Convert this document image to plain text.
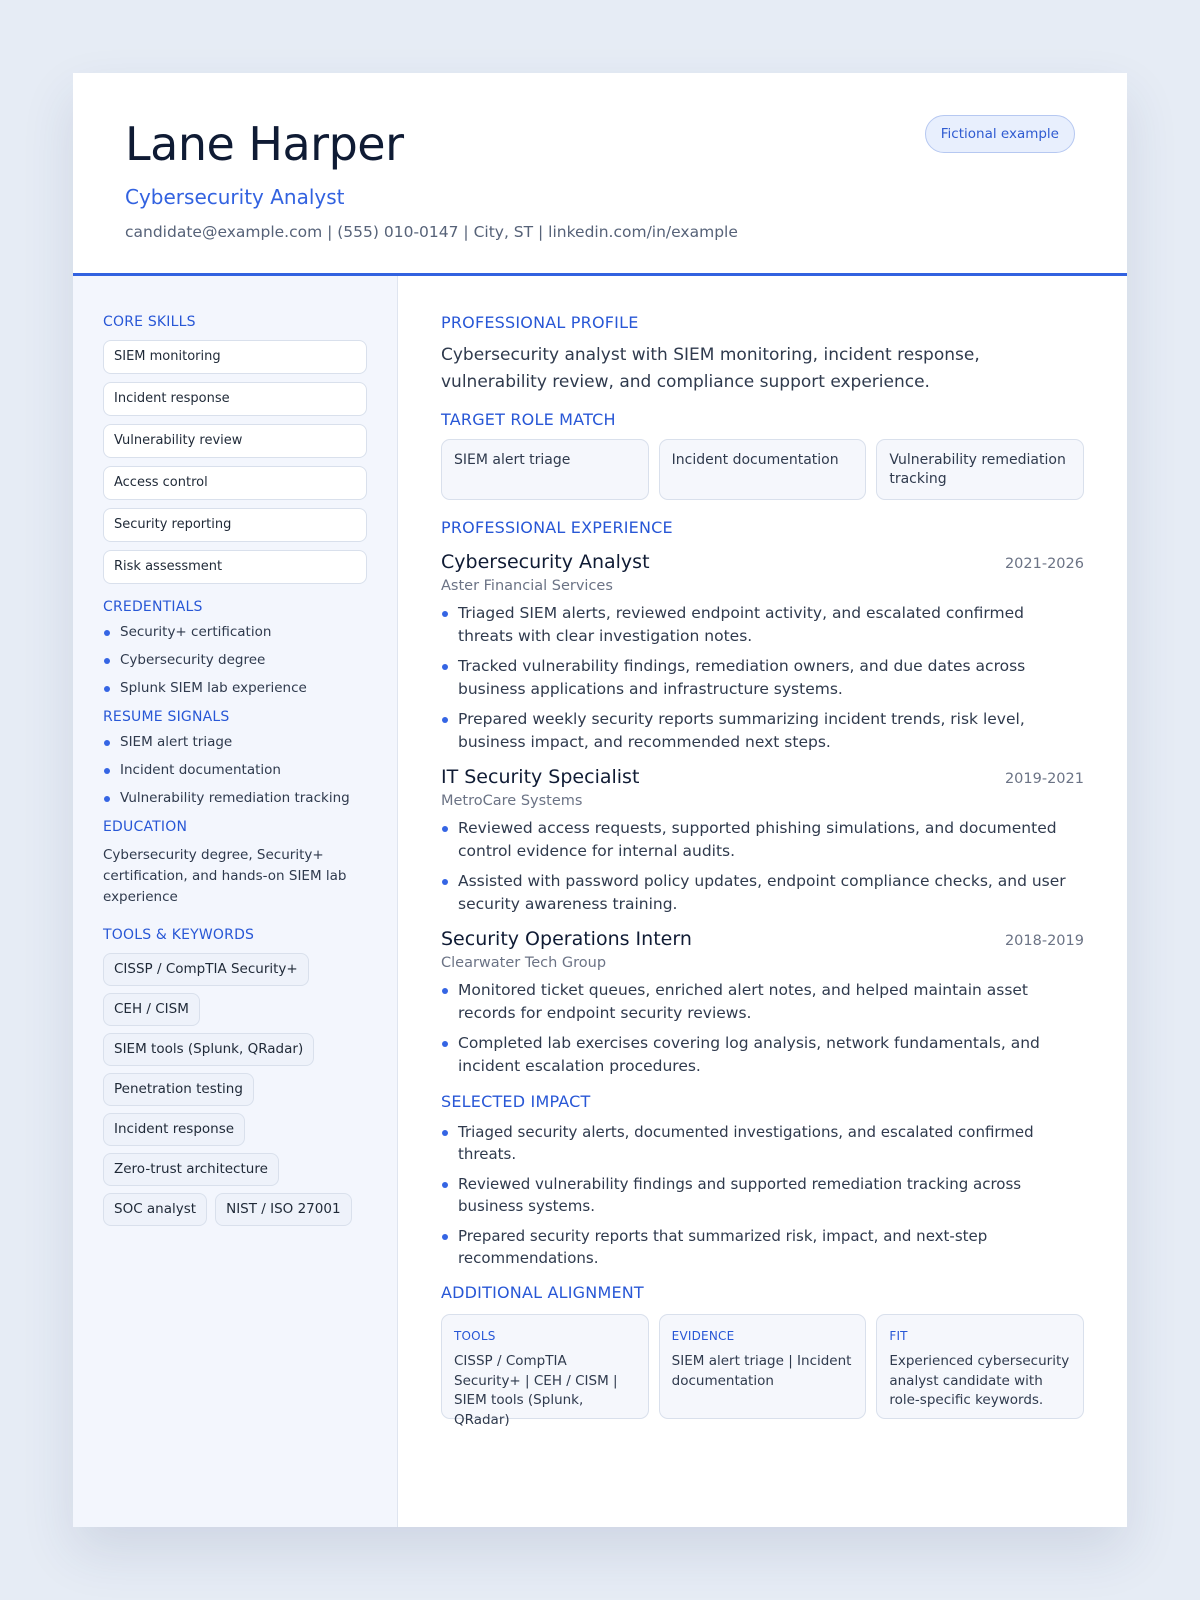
Lane Harper
Cybersecurity Analyst
candidate@example.com | (555) 010-0147 | City, ST | linkedin.com/in/example
Fictional example
CORE SKILLS
SIEM monitoring
Incident response
Vulnerability review
Access control
Security reporting
Risk assessment
CREDENTIALS
Security+ certification
Cybersecurity degree
Splunk SIEM lab experience
RESUME SIGNALS
SIEM alert triage
Incident documentation
Vulnerability remediation tracking
EDUCATION
Cybersecurity degree, Security+ certification, and hands-on SIEM lab experience
TOOLS & KEYWORDS
CISSP / CompTIA Security+
CEH / CISM
SIEM tools (Splunk, QRadar)
Penetration testing
Incident response
Zero-trust architecture
SOC analyst	NIST / ISO 27001
PROFESSIONAL PROFILE

Cybersecurity analyst with SIEM monitoring, incident response, vulnerability review, and compliance support experience.

TARGET ROLE MATCH
SIEM alert triage	Incident documentation	Vulnerability remediation tracking
PROFESSIONAL EXPERIENCE
Cybersecurity Analyst	2021-2026
Aster Financial Services
Triaged SIEM alerts, reviewed endpoint activity, and escalated confirmed threats with clear investigation notes.
Tracked vulnerability findings, remediation owners, and due dates across business applications and infrastructure systems.
Prepared weekly security reports summarizing incident trends, risk level, business impact, and recommended next steps.
IT Security Specialist	2019-2021
MetroCare Systems
Reviewed access requests, supported phishing simulations, and documented control evidence for internal audits.
Assisted with password policy updates, endpoint compliance checks, and user security awareness training.
Security Operations Intern	2018-2019
Clearwater Tech Group
Monitored ticket queues, enriched alert notes, and helped maintain asset records for endpoint security reviews.
Completed lab exercises covering log analysis, network fundamentals, and incident escalation procedures.
SELECTED IMPACT
Triaged security alerts, documented investigations, and escalated confirmed threats.
Reviewed vulnerability findings and supported remediation tracking across business systems.
Prepared security reports that summarized risk, impact, and next-step recommendations.
ADDITIONAL ALIGNMENT
TOOLS
CISSP / CompTIA Security+ | CEH / CISM | SIEM tools (Splunk, QRadar)
EVIDENCE
SIEM alert triage | Incident documentation
FIT
Experienced cybersecurity analyst candidate with role-specific keywords.
